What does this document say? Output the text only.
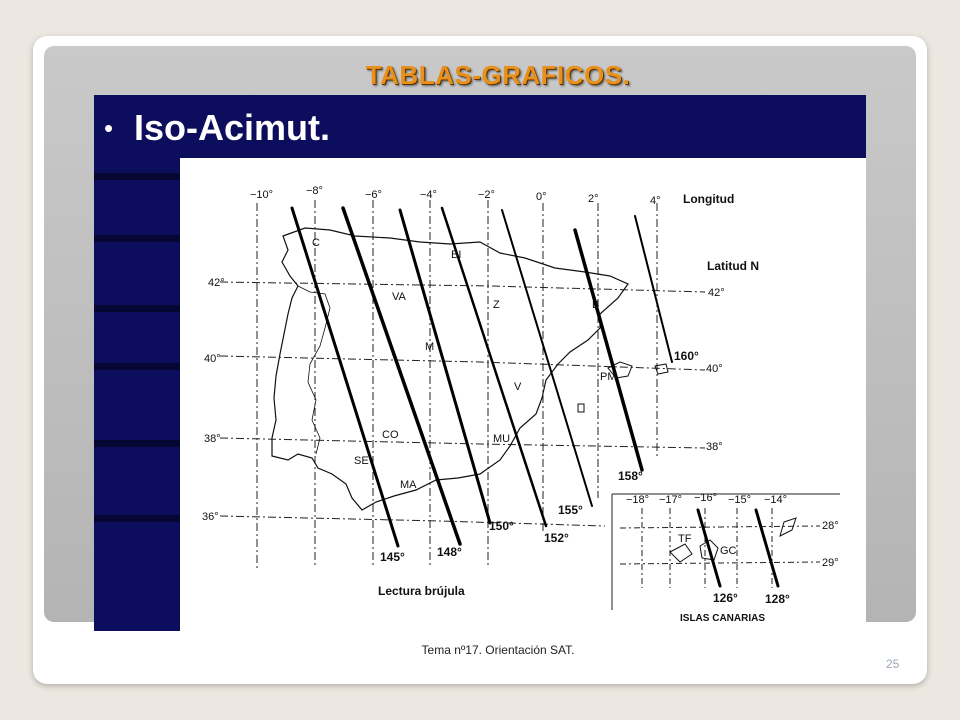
TABLAS-GRAFICOS.
• Iso-Acimut.
−10°	−8°	−6°	−4°	−2°	0°	2°	4° Longitud
Latitud N
42°
40°
38°
36°
42°
40°
38°
C
BI
VA
Z	B
M
V
PM
CO	MU
SE
MA
145°	148°
150°
152°
155°
158°
160°
Lectura brújula
−18° −17° −16° −15° −14°
28°
29°
TF
GC
126° 128°
ISLAS CANARIAS
Tema nº17. Orientación SAT.
25
